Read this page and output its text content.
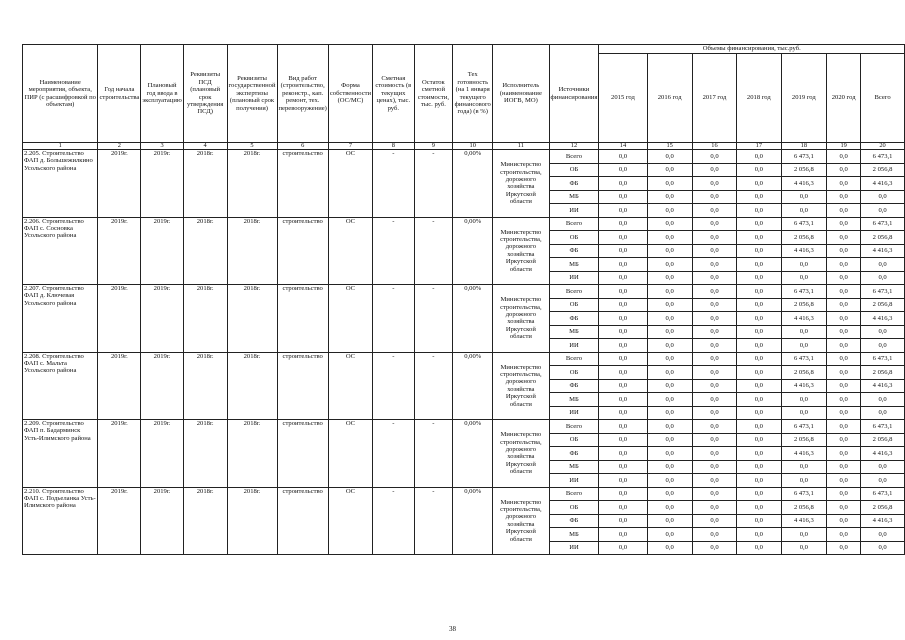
Наименование мероприятия, объекта, ПИР (с расшифровкой по объектам)	Год начала строительства	Плановый год ввода в эксплуатацию	Реквизиты ПСД (плановый срок утверждения ПСД)	Реквизиты государственной экспертизы (плановый срок получения)	Вид работ (строительство, реконстр., кап. ремонт, тех. перевооружение)	Форма собственности (ОС/МС)	Сметная стоимость (в текущих ценах), тыс. руб.	Остаток сметной стоимости, тыс. руб.	Тех готовность (на 1 января текущего финансового года) (в %)	Исполнитель (наименование ИОГВ, МО)	Источники финансирования	Объемы финансирования, тыс.руб.						
												2015 год	2016 год	2017 год	2018 год	2019 год	2020 год	Всего
1	2	3	4	5	6	7	8	9	10	11	12	14	15	16	17	18	19	20
2.205. Строительство ФАП д. Большежилкино Усольского района	2019г.	2019г.	2018г.	2018г.	строительство	ОС	-	-	0,00%	Министерство строительства, дорожного хозяйства Иркутской области	Всего	0,0	0,0	0,0	0,0	6 473,1	0,0	6 473,1
											ОБ	0,0	0,0	0,0	0,0	2 056,8	0,0	2 056,8
											ФБ	0,0	0,0	0,0	0,0	4 416,3	0,0	4 416,3
											МБ	0,0	0,0	0,0	0,0	0,0	0,0	0,0
											ИИ	0,0	0,0	0,0	0,0	0,0	0,0	0,0
2.206. Строительство ФАП с. Сосновка Усольского района	2019г.	2019г.	2018г.	2018г.	строительство	ОС	-	-	0,00%	Министерство строительства, дорожного хозяйства Иркутской области	Всего	0,0	0,0	0,0	0,0	6 473,1	0,0	6 473,1
											ОБ	0,0	0,0	0,0	0,0	2 056,8	0,0	2 056,8
											ФБ	0,0	0,0	0,0	0,0	4 416,3	0,0	4 416,3
											МБ	0,0	0,0	0,0	0,0	0,0	0,0	0,0
											ИИ	0,0	0,0	0,0	0,0	0,0	0,0	0,0
2.207. Строительство ФАП д. Ключевая Усольского района	2019г.	2019г.	2018г.	2018г.	строительство	ОС	-	-	0,00%	Министерство строительства, дорожного хозяйства Иркутской области	Всего	0,0	0,0	0,0	0,0	6 473,1	0,0	6 473,1
											ОБ	0,0	0,0	0,0	0,0	2 056,8	0,0	2 056,8
											ФБ	0,0	0,0	0,0	0,0	4 416,3	0,0	4 416,3
											МБ	0,0	0,0	0,0	0,0	0,0	0,0	0,0
											ИИ	0,0	0,0	0,0	0,0	0,0	0,0	0,0
2.208. Строительство ФАП с. Мальта Усольского района	2019г.	2019г.	2018г.	2018г.	строительство	ОС	-	-	0,00%	Министерство строительства, дорожного хозяйства Иркутской области	Всего	0,0	0,0	0,0	0,0	6 473,1	0,0	6 473,1
											ОБ	0,0	0,0	0,0	0,0	2 056,8	0,0	2 056,8
											ФБ	0,0	0,0	0,0	0,0	4 416,3	0,0	4 416,3
											МБ	0,0	0,0	0,0	0,0	0,0	0,0	0,0
											ИИ	0,0	0,0	0,0	0,0	0,0	0,0	0,0
2.209. Строительство ФАП п. Бадарминск Усть-Илимского района	2019г.	2019г.	2018г.	2018г.	строительство	ОС	-	-	0,00%	Министерство строительства, дорожного хозяйства Иркутской области	Всего	0,0	0,0	0,0	0,0	6 473,1	0,0	6 473,1
											ОБ	0,0	0,0	0,0	0,0	2 056,8	0,0	2 056,8
											ФБ	0,0	0,0	0,0	0,0	4 416,3	0,0	4 416,3
											МБ	0,0	0,0	0,0	0,0	0,0	0,0	0,0
											ИИ	0,0	0,0	0,0	0,0	0,0	0,0	0,0
2.210. Строительство ФАП с. Подьеланка Усть-Илимского района	2019г.	2019г.	2018г.	2018г.	строительство	ОС	-	-	0,00%	Министерство строительства, дорожного хозяйства Иркутской области	Всего	0,0	0,0	0,0	0,0	6 473,1	0,0	6 473,1
											ОБ	0,0	0,0	0,0	0,0	2 056,8	0,0	2 056,8
											ФБ	0,0	0,0	0,0	0,0	4 416,3	0,0	4 416,3
											МБ	0,0	0,0	0,0	0,0	0,0	0,0	0,0
											ИИ	0,0	0,0	0,0	0,0	0,0	0,0	0,0
38
